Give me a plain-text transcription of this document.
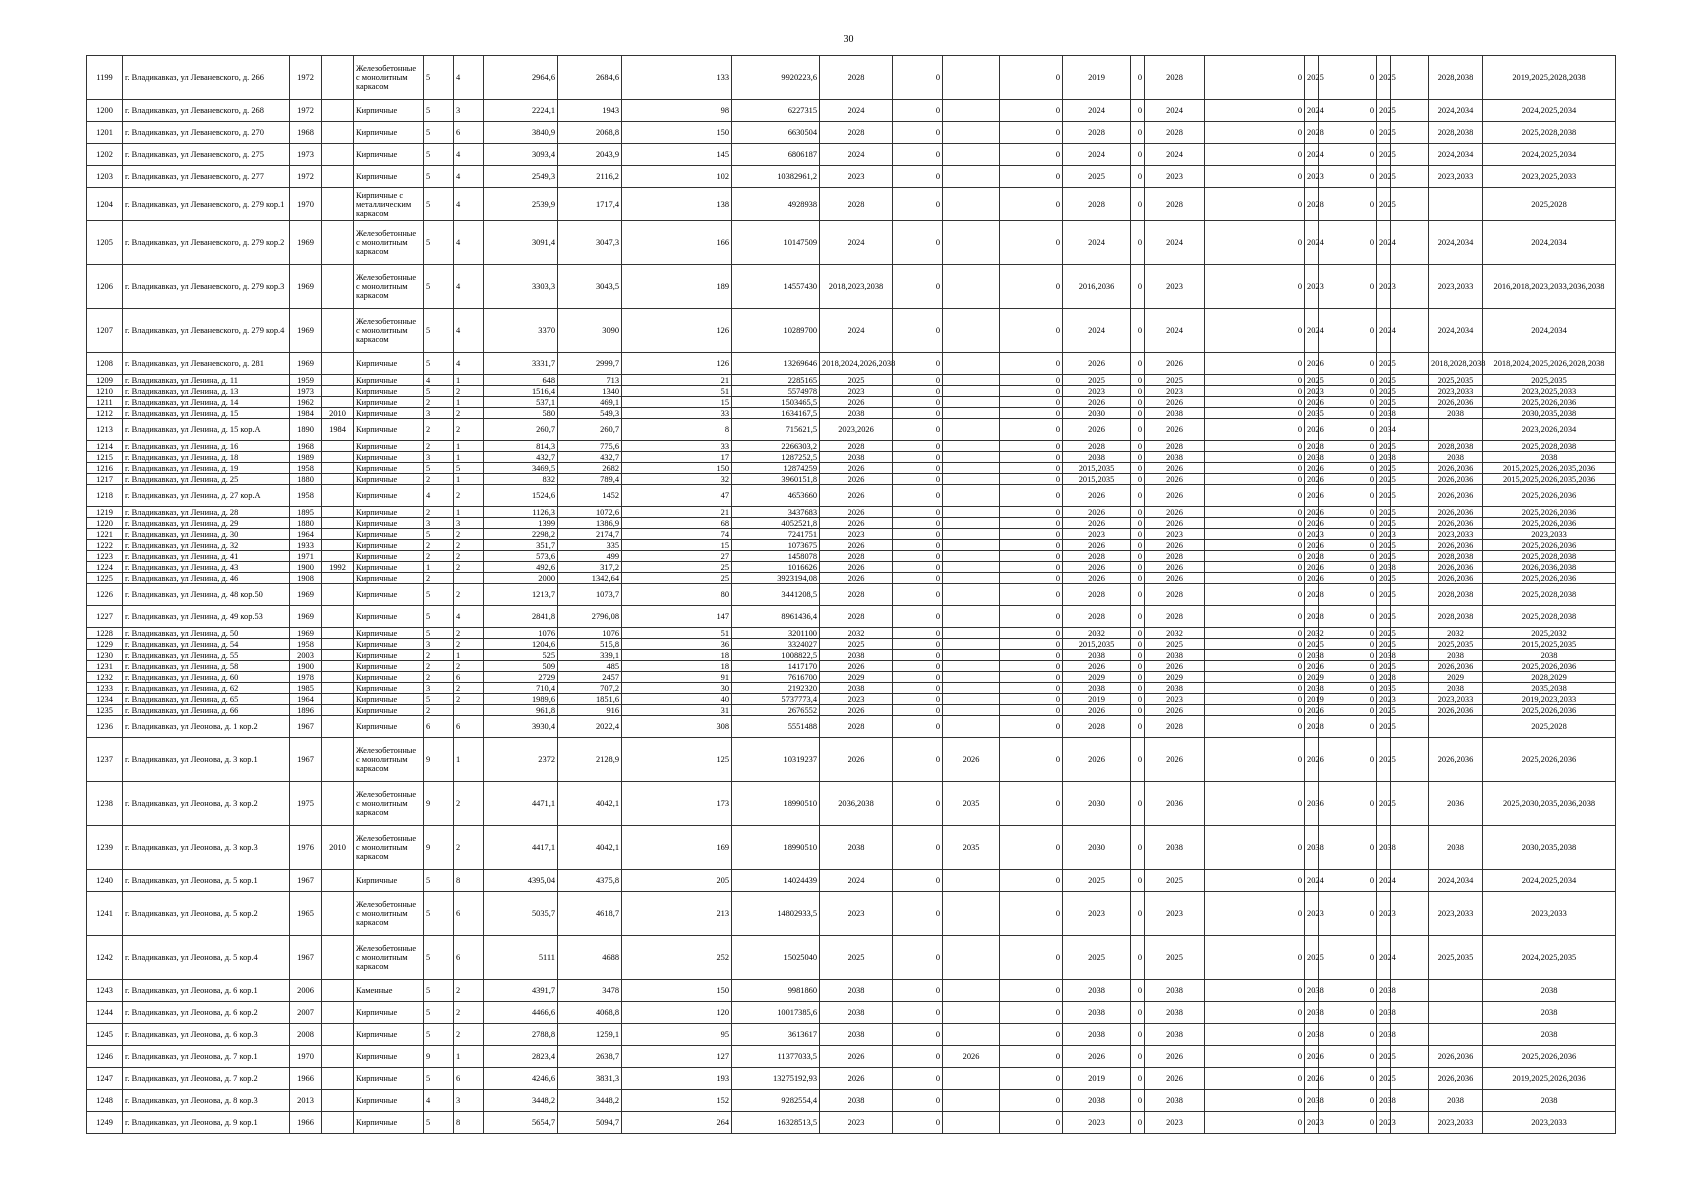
30
1199	г. Владикавказ, ул Леваневского, д. 266	1972		Железобетонные с монолитным каркасом	5	4	2964,6	2684,6	133	9920223,6	2028	0		0	2019	0	2028	0	2025	0	2025		2028,2038	2019,2025,2028,2038
1200	г. Владикавказ, ул Леваневского, д. 268	1972		Кирпичные	5	3	2224,1	1943	98	6227315	2024	0		0	2024	0	2024	0	2024	0	2025		2024,2034	2024,2025,2034
1201	г. Владикавказ, ул Леваневского, д. 270	1968		Кирпичные	5	6	3840,9	2068,8	150	6630504	2028	0		0	2028	0	2028	0	2028	0	2025		2028,2038	2025,2028,2038
1202	г. Владикавказ, ул Леваневского, д. 275	1973		Кирпичные	5	4	3093,4	2043,9	145	6806187	2024	0		0	2024	0	2024	0	2024	0	2025		2024,2034	2024,2025,2034
1203	г. Владикавказ, ул Леваневского, д. 277	1972		Кирпичные	5	4	2549,3	2116,2	102	10382961,2	2023	0		0	2025	0	2023	0	2023	0	2025		2023,2033	2023,2025,2033
1204	г. Владикавказ, ул Леваневского, д. 279 кор.1	1970		Кирпичные с металлическим каркасом	5	4	2539,9	1717,4	138	4928938	2028	0		0	2028	0	2028	0	2028	0	2025			2025,2028
1205	г. Владикавказ, ул Леваневского, д. 279 кор.2	1969		Железобетонные с монолитным каркасом	5	4	3091,4	3047,3	166	10147509	2024	0		0	2024	0	2024	0	2024	0	2024		2024,2034	2024,2034
1206	г. Владикавказ, ул Леваневского, д. 279 кор.3	1969		Железобетонные с монолитным каркасом	5	4	3303,3	3043,5	189	14557430	2018,2023,2038	0		0	2016,2036	0	2023	0	2023	0	2023		2023,2033	2016,2018,2023,2033,2036,2038
1207	г. Владикавказ, ул Леваневского, д. 279 кор.4	1969		Железобетонные с монолитным каркасом	5	4	3370	3090	126	10289700	2024	0		0	2024	0	2024	0	2024	0	2024		2024,2034	2024,2034
1208	г. Владикавказ, ул Леваневского, д. 281	1969		Кирпичные	5	4	3331,7	2999,7	126	13269646	2018,2024,2026,2038	0		0	2026	0	2026	0	2026	0	2025		2018,2028,2038	2018,2024,2025,2026,2028,2038
1209	г. Владикавказ, ул Ленина, д. 11	1959		Кирпичные	4	1	648	713	21	2285165	2025	0		0	2025	0	2025	0	2025	0	2025		2025,2035	2025,2035
1210	г. Владикавказ, ул Ленина, д. 13	1973		Кирпичные	5	2	1516,4	1340	51	5574978	2023	0		0	2023	0	2023	0	2023	0	2025		2023,2033	2023,2025,2033
1211	г. Владикавказ, ул Ленина, д. 14	1962		Кирпичные	2	1	537,1	469,1	15	1503465,5	2026	0		0	2026	0	2026	0	2026	0	2025		2026,2036	2025,2026,2036
1212	г. Владикавказ, ул Ленина, д. 15	1984	2010	Кирпичные	3	2	580	549,3	33	1634167,5	2038	0		0	2030	0	2038	0	2035	0	2038		2038	2030,2035,2038
1213	г. Владикавказ, ул Ленина, д. 15 кор.А	1890	1984	Кирпичные	2	2	260,7	260,7	8	715621,5	2023,2026	0		0	2026	0	2026	0	2026	0	2034			2023,2026,2034
1214	г. Владикавказ, ул Ленина, д. 16	1968		Кирпичные	2	1	814,3	775,6	33	2266303,2	2028	0		0	2028	0	2028	0	2028	0	2025		2028,2038	2025,2028,2038
1215	г. Владикавказ, ул Ленина, д. 18	1989		Кирпичные	3	1	432,7	432,7	17	1287252,5	2038	0		0	2038	0	2038	0	2038	0	2038		2038	2038
1216	г. Владикавказ, ул Ленина, д. 19	1958		Кирпичные	5	5	3469,5	2682	150	12874259	2026	0		0	2015,2035	0	2026	0	2026	0	2025		2026,2036	2015,2025,2026,2035,2036
1217	г. Владикавказ, ул Ленина, д. 25	1880		Кирпичные	2	1	832	789,4	32	3960151,8	2026	0		0	2015,2035	0	2026	0	2026	0	2025		2026,2036	2015,2025,2026,2035,2036
1218	г. Владикавказ, ул Ленина, д. 27 кор.А	1958		Кирпичные	4	2	1524,6	1452	47	4653660	2026	0		0	2026	0	2026	0	2026	0	2025		2026,2036	2025,2026,2036
1219	г. Владикавказ, ул Ленина, д. 28	1895		Кирпичные	2	1	1126,3	1072,6	21	3437683	2026	0		0	2026	0	2026	0	2026	0	2025		2026,2036	2025,2026,2036
1220	г. Владикавказ, ул Ленина, д. 29	1880		Кирпичные	3	3	1399	1386,9	68	4052521,8	2026	0		0	2026	0	2026	0	2026	0	2025		2026,2036	2025,2026,2036
1221	г. Владикавказ, ул Ленина, д. 30	1964		Кирпичные	5	2	2298,2	2174,7	74	7241751	2023	0		0	2023	0	2023	0	2023	0	2023		2023,2033	2023,2033
1222	г. Владикавказ, ул Ленина, д. 32	1933		Кирпичные	2	2	351,7	335	15	1073675	2026	0		0	2026	0	2026	0	2026	0	2025		2026,2036	2025,2026,2036
1223	г. Владикавказ, ул Ленина, д. 41	1971		Кирпичные	2	2	573,6	499	27	1458078	2028	0		0	2028	0	2028	0	2028	0	2025		2028,2038	2025,2028,2038
1224	г. Владикавказ, ул Ленина, д. 43	1900	1992	Кирпичные	1	2	492,6	317,2	25	1016626	2026	0		0	2026	0	2026	0	2026	0	2038		2026,2036	2026,2036,2038
1225	г. Владикавказ, ул Ленина, д. 46	1908		Кирпичные	2		2000	1342,64	25	3923194,08	2026	0		0	2026	0	2026	0	2026	0	2025		2026,2036	2025,2026,2036
1226	г. Владикавказ, ул Ленина, д. 48 кор.50	1969		Кирпичные	5	2	1213,7	1073,7	80	3441208,5	2028	0		0	2028	0	2028	0	2028	0	2025		2028,2038	2025,2028,2038
1227	г. Владикавказ, ул Ленина, д. 49 кор.53	1969		Кирпичные	5	4	2841,8	2796,08	147	8961436,4	2028	0		0	2028	0	2028	0	2028	0	2025		2028,2038	2025,2028,2038
1228	г. Владикавказ, ул Ленина, д. 50	1969		Кирпичные	5	2	1076	1076	51	3201100	2032	0		0	2032	0	2032	0	2032	0	2025		2032	2025,2032
1229	г. Владикавказ, ул Ленина, д. 54	1958		Кирпичные	3	2	1204,6	515,8	36	3324027	2025	0		0	2015,2035	0	2025	0	2025	0	2025		2025,2035	2015,2025,2035
1230	г. Владикавказ, ул Ленина, д. 55	2003		Кирпичные	2	1	525	339,1	18	1008822,5	2038	0		0	2038	0	2038	0	2038	0	2038		2038	2038
1231	г. Владикавказ, ул Ленина, д. 58	1900		Кирпичные	2	2	509	485	18	1417170	2026	0		0	2026	0	2026	0	2026	0	2025		2026,2036	2025,2026,2036
1232	г. Владикавказ, ул Ленина, д. 60	1978		Кирпичные	2	6	2729	2457	91	7616700	2029	0		0	2029	0	2029	0	2029	0	2028		2029	2028,2029
1233	г. Владикавказ, ул Ленина, д. 62	1985		Кирпичные	3	2	710,4	707,2	30	2192320	2038	0		0	2038	0	2038	0	2038	0	2035		2038	2035,2038
1234	г. Владикавказ, ул Ленина, д. 65	1964		Кирпичные	5	2	1989,6	1851,6	40	5737773,4	2023	0		0	2019	0	2023	0	2019	0	2023		2023,2033	2019,2023,2033
1235	г. Владикавказ, ул Ленина, д. 66	1896		Кирпичные	2		961,8	916	31	2676552	2026	0		0	2026	0	2026	0	2026	0	2025		2026,2036	2025,2026,2036
1236	г. Владикавказ, ул Леонова, д. 1 кор.2	1967		Кирпичные	6	6	3930,4	2022,4	308	5551488	2028	0		0	2028	0	2028	0	2028	0	2025			2025,2028
1237	г. Владикавказ, ул Леонова, д. 3 кор.1	1967		Железобетонные с монолитным каркасом	9	1	2372	2128,9	125	10319237	2026	0	2026	0	2026	0	2026	0	2026	0	2025		2026,2036	2025,2026,2036
1238	г. Владикавказ, ул Леонова, д. 3 кор.2	1975		Железобетонные с монолитным каркасом	9	2	4471,1	4042,1	173	18990510	2036,2038	0	2035	0	2030	0	2036	0	2036	0	2025		2036	2025,2030,2035,2036,2038
1239	г. Владикавказ, ул Леонова, д. 3 кор.3	1976	2010	Железобетонные с монолитным каркасом	9	2	4417,1	4042,1	169	18990510	2038	0	2035	0	2030	0	2038	0	2038	0	2038		2038	2030,2035,2038
1240	г. Владикавказ, ул Леонова, д. 5 кор.1	1967		Кирпичные	5	8	4395,04	4375,8	205	14024439	2024	0		0	2025	0	2025	0	2024	0	2024		2024,2034	2024,2025,2034
1241	г. Владикавказ, ул Леонова, д. 5 кор.2	1965		Железобетонные с монолитным каркасом	5	6	5035,7	4618,7	213	14802933,5	2023	0		0	2023	0	2023	0	2023	0	2023		2023,2033	2023,2033
1242	г. Владикавказ, ул Леонова, д. 5 кор.4	1967		Железобетонные с монолитным каркасом	5	6	5111	4688	252	15025040	2025	0		0	2025	0	2025	0	2025	0	2024		2025,2035	2024,2025,2035
1243	г. Владикавказ, ул Леонова, д. 6 кор.1	2006		Каменные	5	2	4391,7	3478	150	9981860	2038	0		0	2038	0	2038	0	2038	0	2038			2038
1244	г. Владикавказ, ул Леонова, д. 6 кор.2	2007		Кирпичные	5	2	4466,6	4068,8	120	10017385,6	2038	0		0	2038	0	2038	0	2038	0	2038			2038
1245	г. Владикавказ, ул Леонова, д. 6 кор.3	2008		Кирпичные	5	2	2788,8	1259,1	95	3613617	2038	0		0	2038	0	2038	0	2038	0	2038			2038
1246	г. Владикавказ, ул Леонова, д. 7 кор.1	1970		Кирпичные	9	1	2823,4	2638,7	127	11377033,5	2026	0	2026	0	2026	0	2026	0	2026	0	2025		2026,2036	2025,2026,2036
1247	г. Владикавказ, ул Леонова, д. 7 кор.2	1966		Кирпичные	5	6	4246,6	3831,3	193	13275192,93	2026	0		0	2019	0	2026	0	2026	0	2025		2026,2036	2019,2025,2026,2036
1248	г. Владикавказ, ул Леонова, д. 8 кор.3	2013		Кирпичные	4	3	3448,2	3448,2	152	9282554,4	2038	0		0	2038	0	2038	0	2038	0	2038		2038	2038
1249	г. Владикавказ, ул Леонова, д. 9 кор.1	1966		Кирпичные	5	8	5654,7	5094,7	264	16328513,5	2023	0		0	2023	0	2023	0	2023	0	2023		2023,2033	2023,2033
